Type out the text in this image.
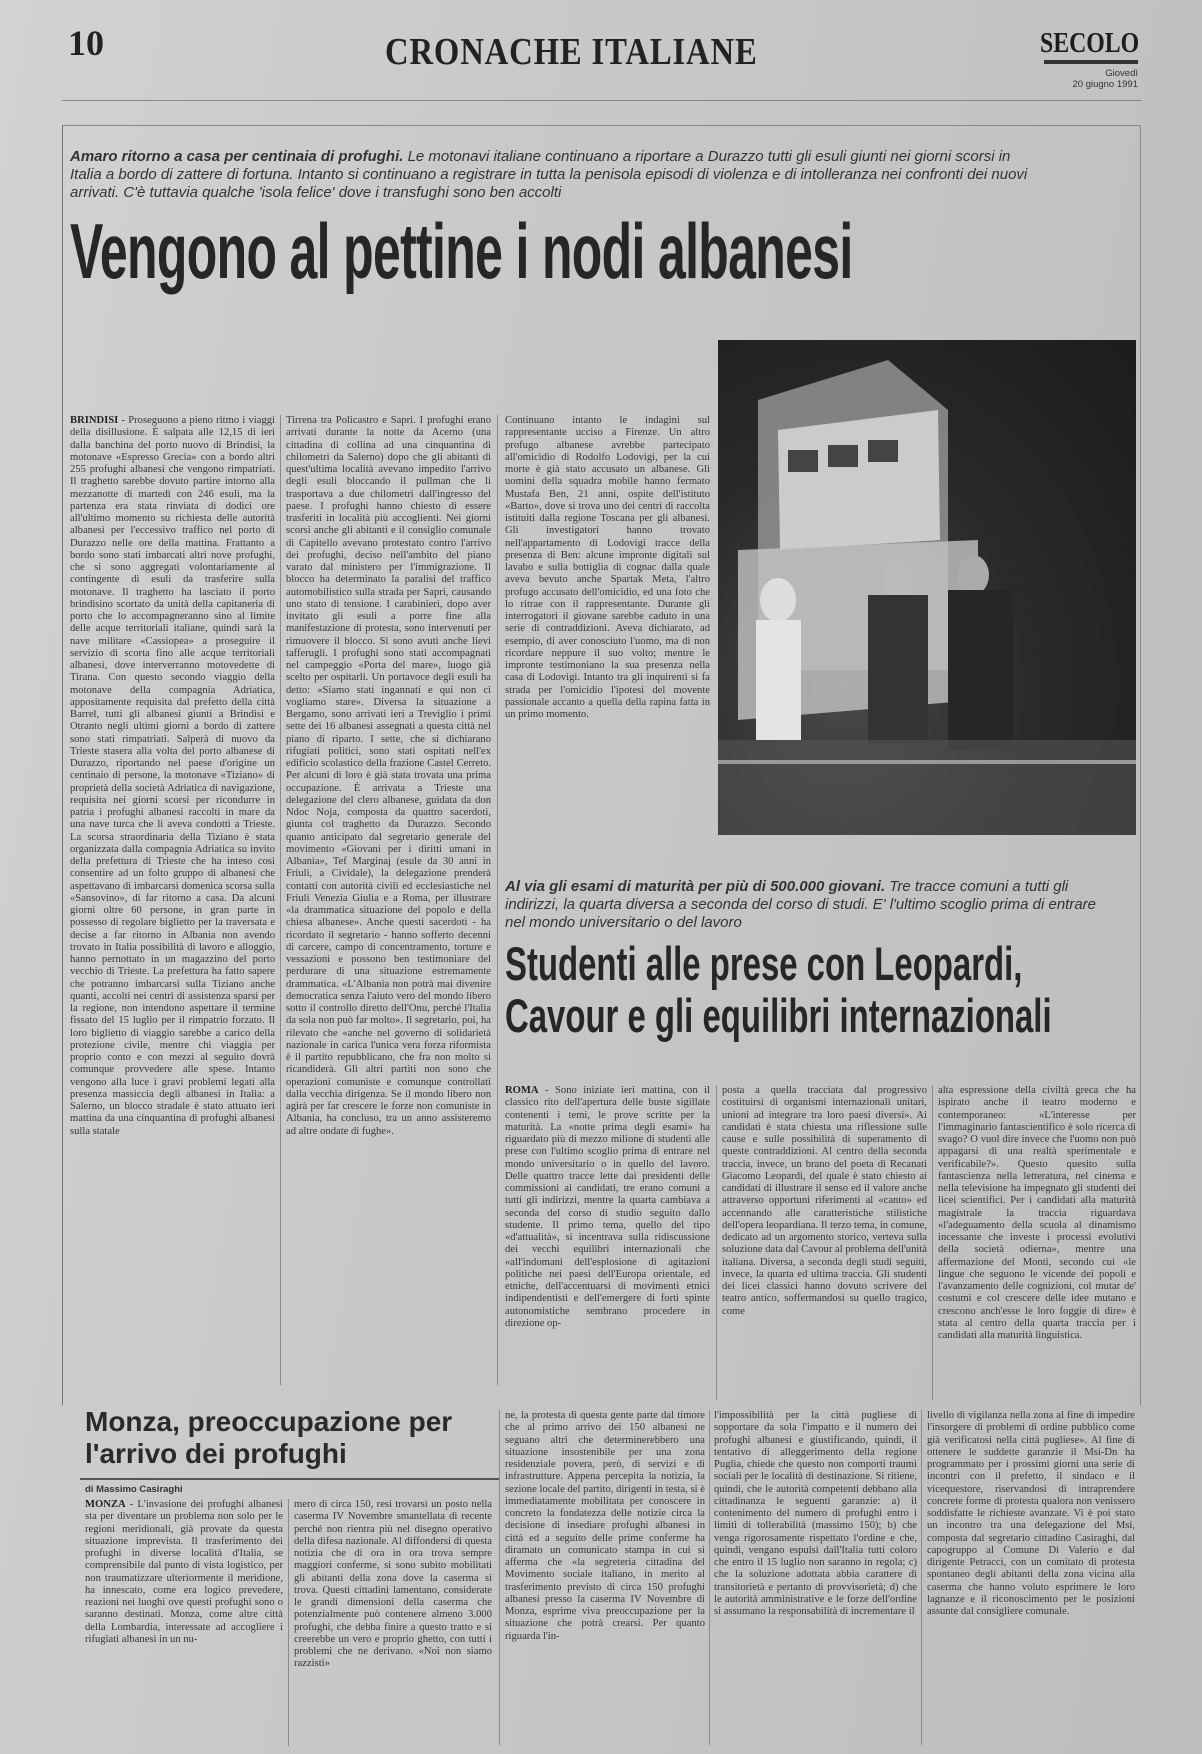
10	CRONACHE ITALIANE	SECOLO
Giovedì
20 giugno 1991
Amaro ritorno a casa per centinaia di profughi. Le motonavi italiane continuano a riportare a Durazzo tutti gli esuli giunti nei giorni scorsi in Italia a bordo di zattere di fortuna. Intanto si continuano a registrare in tutta la penisola episodi di violenza e di intolleranza nei confronti dei nuovi arrivati. C'è tuttavia qualche 'isola felice' dove i transfughi sono ben accolti
Vengono al pettine i nodi albanesi
BRINDISI - Proseguono a pieno ritmo i viaggi della disillusione. È salpata alle 12,15 di ieri dalla banchina del porto nuovo di Brindisi, la motonave «Espresso Grecia» con a bordo altri 255 profughi albanesi che vengono rimpatriati. Il traghetto sarebbe dovuto partire intorno alla mezzanotte di martedì con 246 esuli, ma la partenza era stata rinviata di dodici ore all'ultimo momento su richiesta delle autorità albanesi per l'eccessivo traffico nel porto di Durazzo nelle ore della mattina. Frattanto a bordo sono stati imbarcati altri nove profughi, che si sono aggregati volontariamente al contingente di esuli da trasferire sulla motonave. Il traghetto ha lasciato il porto brindisino scortato da unità della capitaneria di porto che lo accompagneranno sino al limite delle acque territoriali italiane, quindi sarà la nave militare «Cassiopea» a proseguire il servizio di scorta fino alle acque territoriali albanesi, dove interverranno motovedette di Tirana. Con questo secondo viaggio della motonave della compagnia Adriatica, appositamente requisita dal prefetto della città Barrel, tutti gli albanesi giunti a Brindisi e Otranto negli ultimi giorni a bordo di zattere sono stati rimpatriati. Salperà di nuovo da Trieste stasera alla volta del porto albanese di Durazzo, riportando nel paese d'origine un centinaio di persone, la motonave «Tiziano» di proprietà della società Adriatica di navigazione, requisita nei giorni scorsi per ricondurre in patria i profughi albanesi raccolti in mare da una nave turca che li aveva condotti a Trieste. La scorsa straordinaria della Tiziano è stata organizzata dalla compagnia Adriatica su invito della prefettura di Trieste che ha inteso così consentire ad un folto gruppo di albanesi che aspettavano di imbarcarsi domenica scorsa sulla «Sansovino», di far ritorno a casa. Da alcuni giorni oltre 60 persone, in gran parte in possesso di regolare biglietto per la traversata e decise a far ritorno in Albania non avendo trovato in Italia possibilità di lavoro e alloggio, hanno pernottato in un magazzino del porto vecchio di Trieste. La prefettura ha fatto sapere che potranno imbarcarsi sulla Tiziano anche quanti, accolti nei centri di assistenza sparsi per la regione, non intendono aspettare il termine fissato del 15 luglio per il rimpatrio forzato. Il loro biglietto di viaggio sarebbe a carico della protezione civile, mentre chi viaggia per proprio conto e con mezzi al seguito dovrà comunque provvedere alle spese. Intanto vengono alla luce i gravi problemi legati alla presenza massiccia degli albanesi in Italia: a Salerno, un blocco stradale è stato attuato ieri mattina da una cinquantina di profughi albanesi sulla statale
Tirrena tra Policastro e Sapri. I profughi erano arrivati durante la notte da Acerno (una cittadina di collina ad una cinquantina di chilometri da Salerno) dopo che gli abitanti di quest'ultima località avevano impedito l'arrivo degli esuli bloccando il pullman che li trasportava a due chilometri dall'ingresso del paese. I profughi hanno chiesto di essere trasferiti in località più accoglienti. Nei giorni scorsi anche gli abitanti e il consiglio comunale di Capitello avevano protestato contro l'arrivo dei profughi, deciso nell'ambito del piano varato dal ministero per l'immigrazione. Il blocco ha determinato la paralisi del traffico automobilistico sulla strada per Sapri, causando uno stato di tensione. I carabinieri, dopo aver invitato gli esuli a porre fine alla manifestazione di protesta, sono intervenuti per rimuovere il blocco. Si sono avuti anche lievi tafferugli. I profughi sono stati accompagnati nel campeggio «Porta del mare», luogo già scelto per ospitarli. Un portavoce degli esuli ha detto: «Siamo stati ingannati e qui non ci vogliamo stare». Diversa la situazione a Bergamo, sono arrivati ieri a Treviglio i primi sette dei 16 albanesi assegnati a questa città nel piano di riparto. I sette, che si dichiarano rifugiati politici, sono stati ospitati nell'ex edificio scolastico della frazione Castel Cerreto. Per alcuni di loro è già stata trovata una prima occupazione. È arrivata a Trieste una delegazione del clero albanese, guidata da don Ndoc Noja, composta da quattro sacerdoti, giunta col traghetto da Durazzo. Secondo quanto anticipato dal segretario generale del movimento «Giovani per i diritti umani in Albania», Tef Marginaj (esule da 30 anni in Friuli, a Cividale), la delegazione prenderà contatti con autorità civili ed ecclesiastiche nel Friuli Venezia Giulia e a Roma, per illustrare «la drammatica situazione del popolo e della chiesa albanese». Anche questi sacerdoti - ha ricordato il segretario - hanno sofferto decenni di carcere, campo di concentramento, torture e vessazioni e possono ben testimoniare del perdurare di una situazione estremamente drammatica. «L'Albania non potrà mai divenire democratica senza l'aiuto vero del mondo libero sotto il controllo diretto dell'Onu, perché l'Italia da sola non può far molto». Il segretario, poi, ha rilevato che «anche nel governo di solidarietà nazionale in carica l'unica vera forza riformista è il partito repubblicano, che fra non molto si ricandiderà. Gli altri partiti non sono che operazioni comuniste e comunque controllati dalla vecchia dirigenza. Se il mondo libero non agirà per far crescere le forze non comuniste in Albania, ha concluso, tra un anno assisteremo ad altre ondate di fughe».
Continuano intanto le indagini sul rappresentante ucciso a Firenze. Un altro profugo albanese avrebbe partecipato all'omicidio di Rodolfo Lodovigi, per la cui morte è già stato accusato un albanese. Gli uomini della squadra mobile hanno fermato Mustafa Ben, 21 anni, ospite dell'istituto «Barto», dove si trova uno dei centri di raccolta istituiti dalla regione Toscana per gli albanesi. Gli investigatori hanno trovato nell'appartamento di Lodovigi tracce della presenza di Ben: alcune impronte digitali sul lavabo e sulla bottiglia di cognac dalla quale aveva bevuto anche Spartak Meta, l'altro profugo accusato dell'omicidio, ed una foto che lo ritrae con il rappresentante. Durante gli interrogatori il giovane sarebbe caduto in una serie di contraddizioni. Aveva dichiarato, ad esempio, di aver conosciuto l'uomo, ma di non ricordare neppure il suo volto; mentre le impronte testimoniano la sua presenza nella casa di Lodovigi. Intanto tra gli inquirenti si fa strada per l'omicidio l'ipotesi del movente passionale accanto a quella della rapina fatta in un primo momento.
Al via gli esami di maturità per più di 500.000 giovani. Tre tracce comuni a tutti gli indirizzi, la quarta diversa a seconda del corso di studi. E' l'ultimo scoglio prima di entrare nel mondo universitario o del lavoro
Studenti alle prese con Leopardi,
Cavour e gli equilibri internazionali
ROMA - Sono iniziate ieri mattina, con il classico rito dell'apertura delle buste sigillate contenenti i temi, le prove scritte per la maturità. La «notte prima degli esami» ha riguardato più di mezzo milione di studenti alle prese con l'ultimo scoglio prima di entrare nel mondo universitario o in quello del lavoro. Delle quattro tracce lette dai presidenti delle commissioni ai candidati, tre erano comuni a tutti gli indirizzi, mentre la quarta cambiava a seconda del corso di studio seguito dallo studente. Il primo tema, quello del tipo «d'attualità», si incentrava sulla ridiscussione dei vecchi equilibri internazionali che «all'indomani dell'esplosione di agitazioni politiche nei paesi dell'Europa orientale, ed etniche, dell'accentuarsi di movimenti etnici indipendentisti e dell'emergere di forti spinte autonomistiche sembrano procedere in direzione op-
posta a quella tracciata dal progressivo costituirsi di organismi internazionali unitari, unioni ad integrare tra loro paesi diversi». Ai candidati è stata chiesta una riflessione sulle cause e sulle possibilità di superamento di queste contraddizioni. Al centro della seconda traccia, invece, un brano del poeta di Recanati Giacomo Leopardi, del quale è stato chiesto ai candidati di illustrare il senso ed il valore anche attraverso opportuni riferimenti al «canto» ed accennando alle caratteristiche stilistiche dell'opera leopardiana. Il terzo tema, in comune, dedicato ad un argomento storico, verteva sulla soluzione data dal Cavour al problema dell'unità italiana. Diversa, a seconda degli studi seguiti, invece, la quarta ed ultima traccia. Gli studenti dei licei classici hanno dovuto scrivere del teatro antico, soffermandosi su quello tragico, come
alta espressione della civiltà greca che ha ispirato anche il teatro moderno e contemporaneo: «L'interesse per l'immaginario fantascientifico è solo ricerca di svago? O vuol dire invece che l'uomo non può appagarsi di una realtà sperimentale e verificabile?». Questo quesito sulla fantascienza nella letteratura, nel cinema e nella televisione ha impegnato gli studenti dei licei scientifici. Per i candidati alla maturità magistrale la traccia riguardava «l'adeguamento della scuola al dinamismo incessante che investe i processi evolutivi della società odierna», mentre una affermazione del Monti, secondo cui «le lingue che seguono le vicende dei popoli e l'avanzamento delle cognizioni, col mutar de' costumi e col crescere delle idee mutano e crescono anch'esse le loro foggie di dire» è stata al centro della quarta traccia per i candidati alla maturità linguistica.
Monza, preoccupazione per l'arrivo dei profughi
di Massimo Casiraghi
MONZA - L'invasione dei profughi albanesi sta per diventare un problema non solo per le regioni meridionali, già provate da questa situazione imprevista. Il trasferimento dei profughi in diverse località d'Italia, se comprensibile dal punto di vista logistico, per non traumatizzare ulteriormente il meridione, ha innescato, come era logico prevedere, reazioni nei luoghi ove questi profughi sono o saranno destinati. Monza, come altre città della Lombardia, interessate ad accogliere i rifugiati albanesi in un nu-
mero di circa 150, resi trovarsi un posto nella caserma IV Novembre smantellata di recente perché non rientra più nel disegno operativo della difesa nazionale. Al diffondersi di questa notizia che di ora in ora trova sempre maggiori conferme, si sono subito mobilitati gli abitanti della zona dove la caserma si trova. Questi cittadini lamentano, considerate le grandi dimensioni della caserma che potenzialmente può contenere almeno 3.000 profughi, che debba finire a questo tratto e si creerebbe un vero e proprio ghetto, con tutti i problemi che ne derivano. «Noi non siamo razzisti»
ne, la protesta di questa gente parte dal timore che al primo arrivo dei 150 albanesi ne seguano altri che determinerebbero una situazione insostenibile per una zona residenziale povera, però, di servizi e di infrastrutture. Appena percepita la notizia, la sezione locale del partito, dirigenti in testa, si è immediatamente mobilitata per conoscere in concreto la fondatezza delle notizie circa la decisione di insediare profughi albanesi in città ed a seguito delle prime conferme ha diramato un comunicato stampa in cui si afferma che «la segreteria cittadina del Movimento sociale italiano, in merito al trasferimento previsto di circa 150 profughi albanesi presso la caserma IV Novembre di Monza, esprime viva preoccupazione per la situazione che potrà crearsi. Per quanto riguarda l'in-
l'impossibilità per la città pugliese di sopportare da sola l'impatto e il numero dei profughi albanesi e giustificando, quindi, il tentativo di alleggerimento della regione Puglia, chiede che questo non comporti traumi sociali per le località di destinazione. Si ritiene, quindi, che le autorità competenti debbano alla cittadinanza le seguenti garanzie: a) il contenimento del numero di profughi entro i limiti di tollerabilità (massimo 150); b) che venga rigorosamente rispettato l'ordine e che, quindi, vengano espulsi dall'Italia tutti coloro che entro il 15 luglio non saranno in regola; c) che la soluzione adottata abbia carattere di transitorietà e pertanto di provvisorietà; d) che le autorità amministrative e le forze dell'ordine si assumano la responsabilità di incrementare il
livello di vigilanza nella zona al fine di impedire l'insorgere di problemi di ordine pubblico come già verificatosi nella città pugliese». Al fine di ottenere le suddette garanzie il Msi-Dn ha programmato per i prossimi giorni una serie di incontri con il prefetto, il sindaco e il vicequestore, riservandosi di intraprendere concrete forme di protesta qualora non venissero soddisfatte le richieste avanzate. Vi è poi stato un incontro tra una delegazione del Msi, composta dal segretario cittadino Casiraghi, dal capogruppo al Comune Di Valerio e dal dirigente Petracci, con un comitato di protesta spontaneo degli abitanti della zona vicina alla caserma che hanno voluto esprimere le loro lagnanze e il riconoscimento per le posizioni assunte dal consigliere comunale.
